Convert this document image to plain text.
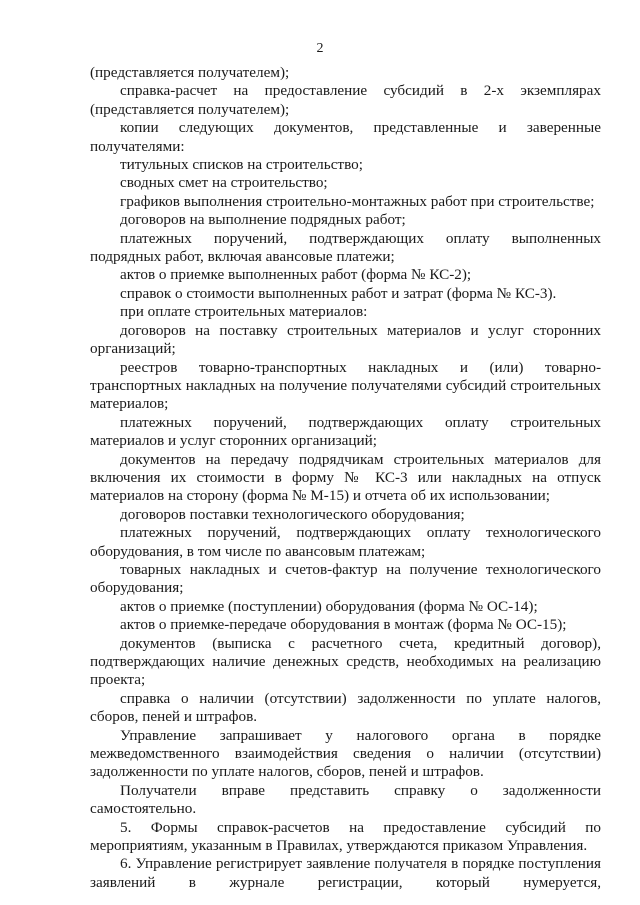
2

(представляется получателем);

справка-расчет на предоставление субсидий в 2-х экземплярах (представляется получателем);

копии следующих документов, представленные и заверенные получателями:

титульных списков на строительство;

сводных смет на строительство;

графиков выполнения строительно-монтажных работ при строительстве;

договоров на выполнение подрядных работ;

платежных поручений, подтверждающих оплату выполненных подрядных работ, включая авансовые платежи;

актов о приемке выполненных работ (форма № КС-2);

справок о стоимости выполненных работ и затрат (форма № КС-3).

при оплате строительных материалов:

договоров на поставку строительных материалов и услуг сторонних организаций;

реестров товарно-транспортных накладных и (или) товарно-транспортных накладных на получение получателями субсидий строительных материалов;

платежных поручений, подтверждающих оплату строительных материалов и услуг сторонних организаций;

документов на передачу подрядчикам строительных материалов для включения их стоимости в форму № КС-3 или накладных на отпуск материалов на сторону (форма № М-15) и отчета об их использовании;

договоров поставки технологического оборудования;

платежных поручений, подтверждающих оплату технологического оборудования, в том числе по авансовым платежам;

товарных накладных и счетов-фактур на получение технологического оборудования;

актов о приемке (поступлении) оборудования (форма № ОС-14);

актов о приемке-передаче оборудования в монтаж (форма № ОС-15);

документов (выписка с расчетного счета, кредитный договор), подтверждающих наличие денежных средств, необходимых на реализацию проекта;

справка о наличии (отсутствии) задолженности по уплате налогов, сборов, пеней и штрафов.

Управление запрашивает у налогового органа в порядке межведомственного взаимодействия сведения о наличии (отсутствии) задолженности по уплате налогов, сборов, пеней и штрафов.

Получатели вправе представить справку о задолженности самостоятельно.

5. Формы справок-расчетов на предоставление субсидий по мероприятиям, указанным в Правилах, утверждаются приказом Управления.

6. Управление регистрирует заявление получателя в порядке поступления заявлений в журнале регистрации, который нумеруется,
